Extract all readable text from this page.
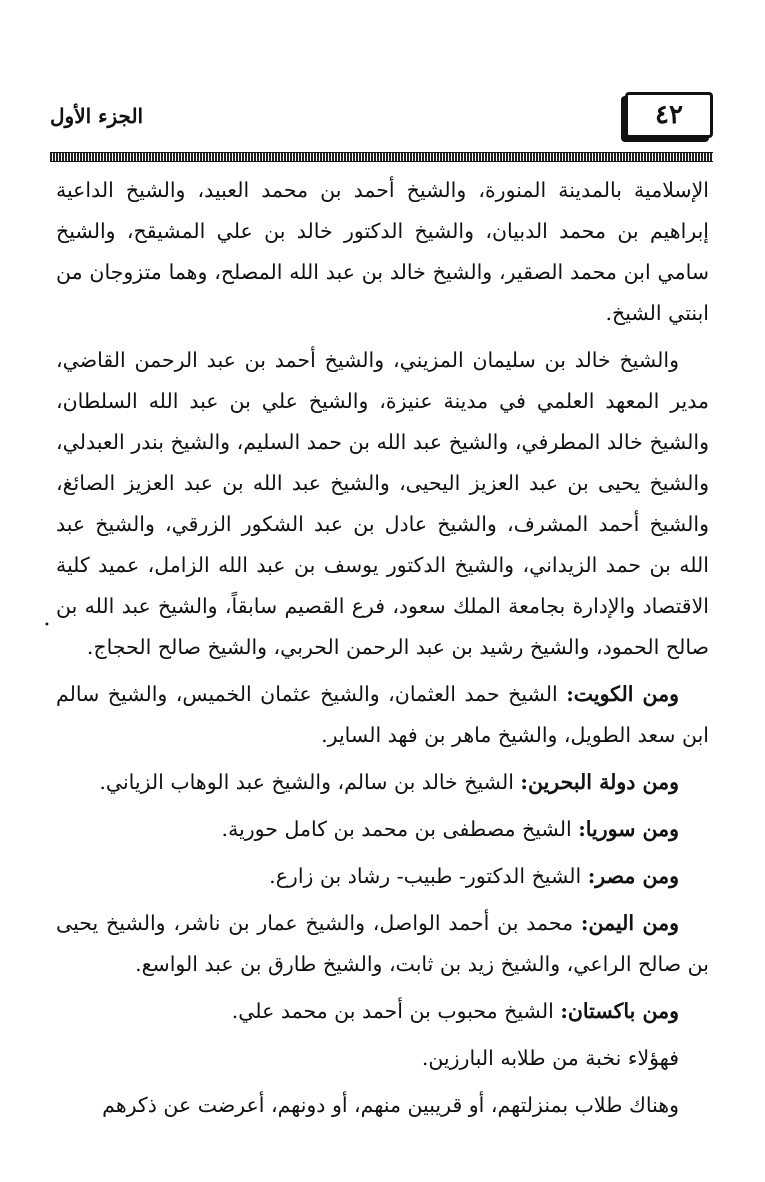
٤٢
الجزء الأول

الإسلامية بالمدينة المنورة، والشيخ أحمد بن محمد العبيد، والشيخ الداعية إبراهيم بن محمد الدبيان، والشيخ الدكتور خالد بن علي المشيقح، والشيخ سامي ابن محمد الصقير، والشيخ خالد بن عبد الله المصلح، وهما متزوجان من ابنتي الشيخ.

والشيخ خالد بن سليمان المزيني، والشيخ أحمد بن عبد الرحمن القاضي، مدير المعهد العلمي في مدينة عنيزة، والشيخ علي بن عبد الله السلطان، والشيخ خالد المطرفي، والشيخ عبد الله بن حمد السليم، والشيخ بندر العبدلي، والشيخ يحيى بن عبد العزيز اليحيى، والشيخ عبد الله بن عبد العزيز الصائغ، والشيخ أحمد المشرف، والشيخ عادل بن عبد الشكور الزرقي، والشيخ عبد الله بن حمد الزيداني، والشيخ الدكتور يوسف بن عبد الله الزامل، عميد كلية الاقتصاد والإدارة بجامعة الملك سعود، فرع القصيم سابقاً، والشيخ عبد الله بن صالح الحمود، والشيخ رشيد بن عبد الرحمن الحربي، والشيخ صالح الحجاج.

ومن الكويت: الشيخ حمد العثمان، والشيخ عثمان الخميس، والشيخ سالم ابن سعد الطويل، والشيخ ماهر بن فهد الساير.

ومن دولة البحرين: الشيخ خالد بن سالم، والشيخ عبد الوهاب الزياني.

ومن سوريا: الشيخ مصطفى بن محمد بن كامل حورية.

ومن مصر: الشيخ الدكتور- طبيب- رشاد بن زارع.

ومن اليمن: محمد بن أحمد الواصل، والشيخ عمار بن ناشر، والشيخ يحيى بن صالح الراعي، والشيخ زيد بن ثابت، والشيخ طارق بن عبد الواسع.

ومن باكستان: الشيخ محبوب بن أحمد بن محمد علي.

فهؤلاء نخبة من طلابه البارزين.

وهناك طلاب بمنزلتهم، أو قريبين منهم، أو دونهم، أعرضت عن ذكرهم

•
